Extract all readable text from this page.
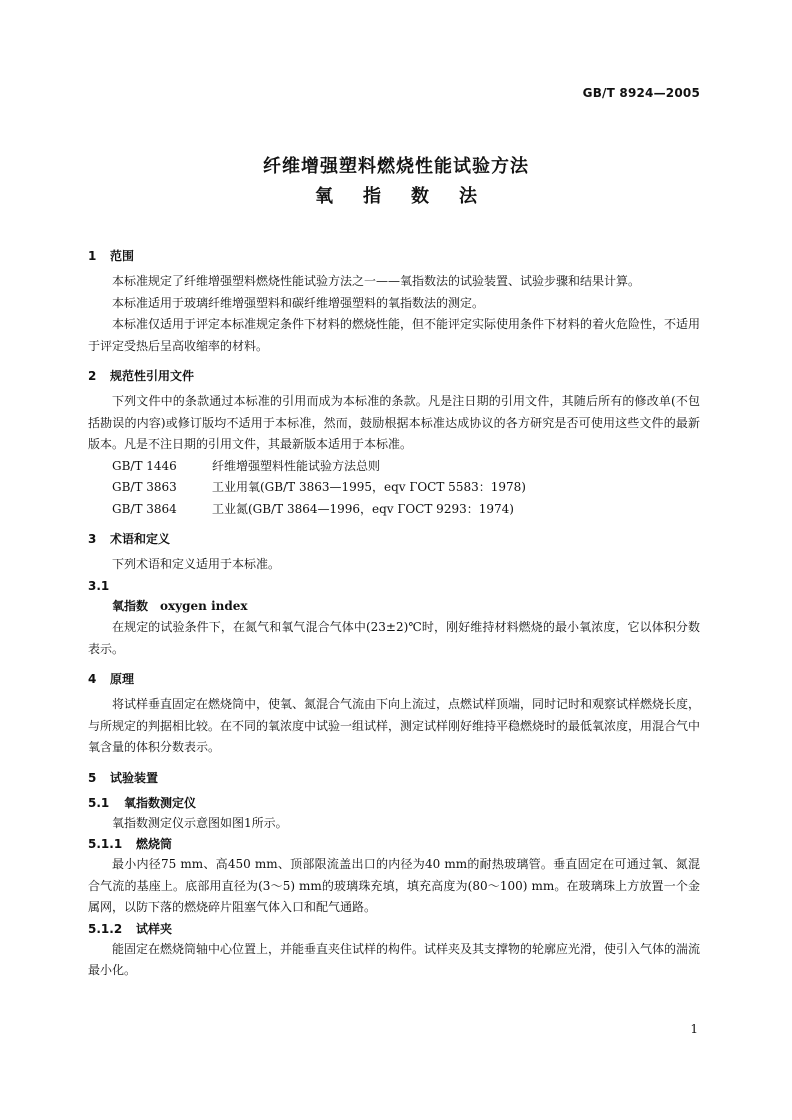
GB/T 8924—2005
纤维增强塑料燃烧性能试验方法
氧指数法
1 范围

本标准规定了纤维增强塑料燃烧性能试验方法之一——氧指数法的试验装置、试验步骤和结果计算。

本标准适用于玻璃纤维增强塑料和碳纤维增强塑料的氧指数法的测定。

本标准仅适用于评定本标准规定条件下材料的燃烧性能，但不能评定实际使用条件下材料的着火危险性，不适用于评定受热后呈高收缩率的材料。

2 规范性引用文件

下列文件中的条款通过本标准的引用而成为本标准的条款。凡是注日期的引用文件，其随后所有的修改单(不包括勘误的内容)或修订版均不适用于本标准，然而，鼓励根据本标准达成协议的各方研究是否可使用这些文件的最新版本。凡是不注日期的引用文件，其最新版本适用于本标准。

GB/T 1446	纤维增强塑料性能试验方法总则
GB/T 3863	工业用氧(GB/T 3863—1995，eqv ГОСТ 5583：1978)
GB/T 3864	工业氮(GB/T 3864—1996，eqv ГОСТ 9293：1974)
3 术语和定义

下列术语和定义适用于本标准。

3.1
氧指数 oxygen index

在规定的试验条件下，在氮气和氧气混合气体中(23±2)℃时，刚好维持材料燃烧的最小氧浓度，它以体积分数表示。

4 原理

将试样垂直固定在燃烧筒中，使氧、氮混合气流由下向上流过，点燃试样顶端，同时记时和观察试样燃烧长度，与所规定的判据相比较。在不同的氧浓度中试验一组试样，测定试样刚好维持平稳燃烧时的最低氧浓度，用混合气中氧含量的体积分数表示。

5 试验装置
5.1 氧指数测定仪

氧指数测定仪示意图如图1所示。

5.1.1 燃烧筒

最小内径75 mm、高450 mm、顶部限流盖出口的内径为40 mm的耐热玻璃管。垂直固定在可通过氧、氮混合气流的基座上。底部用直径为(3～5) mm的玻璃珠充填，填充高度为(80～100) mm。在玻璃珠上方放置一个金属网，以防下落的燃烧碎片阻塞气体入口和配气通路。

5.1.2 试样夹

能固定在燃烧筒轴中心位置上，并能垂直夹住试样的构件。试样夹及其支撑物的轮廓应光滑，使引入气体的湍流最小化。

1
